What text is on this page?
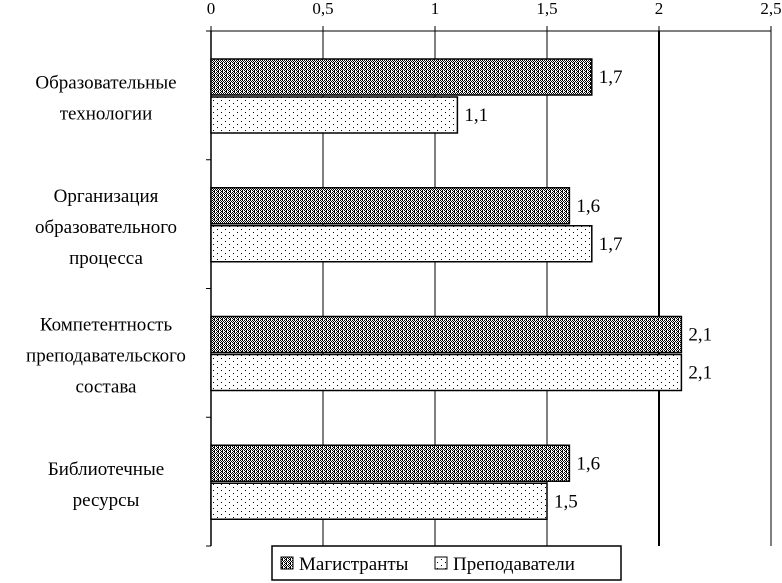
0	0,5	1	1,5	2	2,5
1,7
1,1
1,6
1,7
2,1
2,1
1,6
1,5
Образовательные технологии
Организация образовательного процесса
Компетентность преподавательского состава
Библиотечные ресурсы
Магистранты Преподаватели
